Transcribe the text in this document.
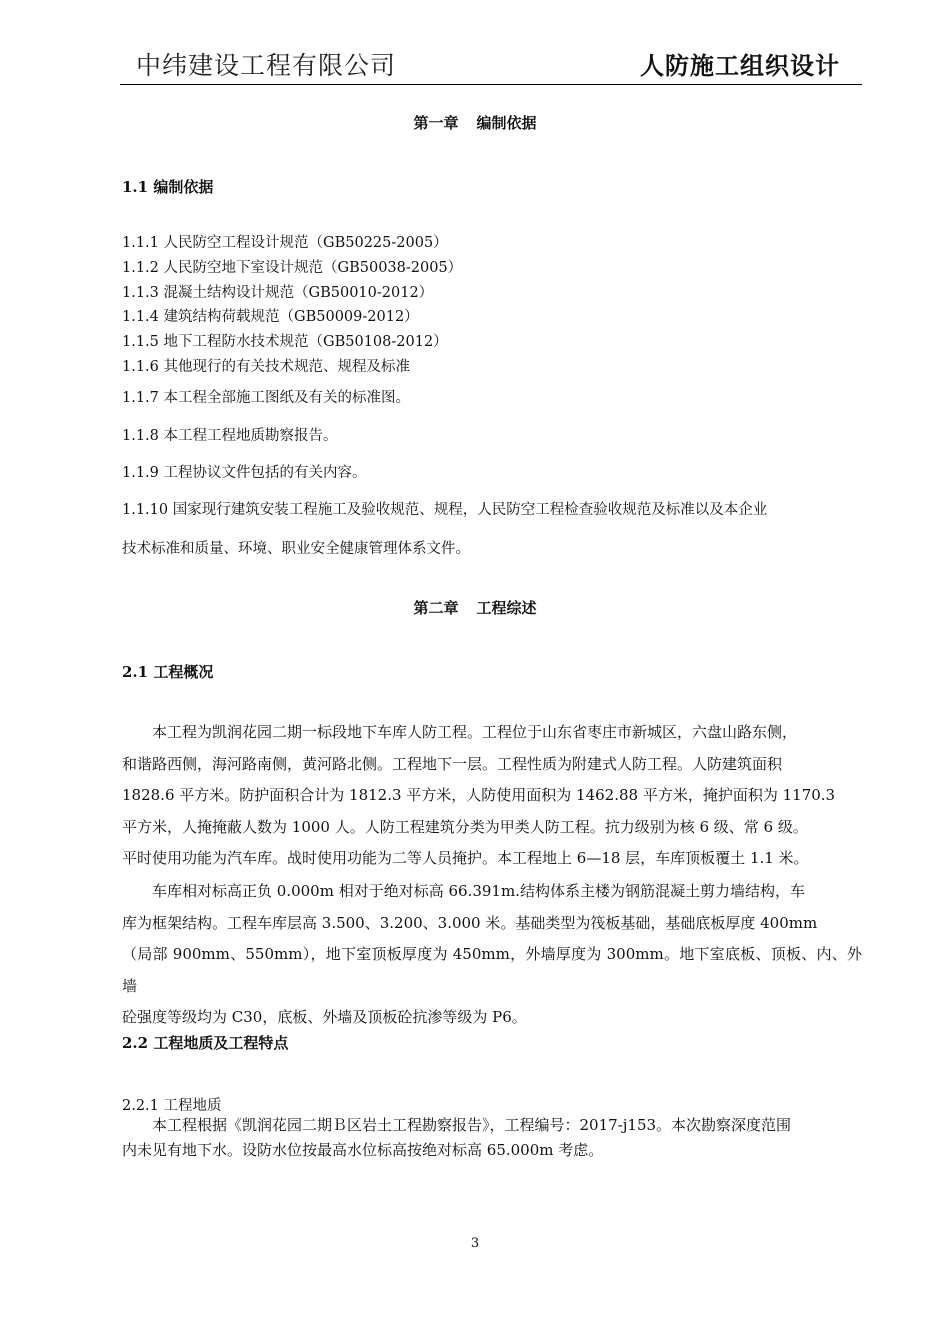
中纬建设工程有限公司	人防施工组织设计
第一章 编制依据
1.1 编制依据
1.1.1 人民防空工程设计规范（GB50225-2005）
1.1.2 人民防空地下室设计规范（GB50038-2005）
1.1.3 混凝土结构设计规范（GB50010-2012）
1.1.4 建筑结构荷载规范（GB50009-2012）
1.1.5 地下工程防水技术规范（GB50108-2012）
1.1.6 其他现行的有关技术规范、规程及标准
1.1.7 本工程全部施工图纸及有关的标准图。
1.1.8 本工程工程地质勘察报告。
1.1.9 工程协议文件包括的有关内容。
1.1.10 国家现行建筑安装工程施工及验收规范、规程，人民防空工程检查验收规范及标准以及本企业
技术标准和质量、环境、职业安全健康管理体系文件。
第二章 工程综述
2.1 工程概况

本工程为凯润花园二期一标段地下车库人防工程。工程位于山东省枣庄市新城区，六盘山路东侧，

和谐路西侧，海河路南侧，黄河路北侧。工程地下一层。工程性质为附建式人防工程。人防建筑面积

1828.6 平方米。防护面积合计为 1812.3 平方米，人防使用面积为 1462.88 平方米，掩护面积为 1170.3

平方米，人掩掩蔽人数为 1000 人。人防工程建筑分类为甲类人防工程。抗力级别为核 6 级、常 6 级。

平时使用功能为汽车库。战时使用功能为二等人员掩护。本工程地上 6—18 层，车库顶板覆土 1.1 米。

车库相对标高正负 0.000m 相对于绝对标高 66.391m.结构体系主楼为钢筋混凝土剪力墙结构，车

库为框架结构。工程车库层高 3.500、3.200、3.000 米。基础类型为筏板基础，基础底板厚度 400mm

（局部 900mm、550mm），地下室顶板厚度为 450mm，外墙厚度为 300mm。地下室底板、顶板、内、外墙

砼强度等级均为 C30，底板、外墙及顶板砼抗渗等级为 P6。

2.2 工程地质及工程特点
2.2.1 工程地质

本工程根据《凯润花园二期Ｂ区岩土工程勘察报告》，工程编号：2017-j153。本次勘察深度范围

内未见有地下水。设防水位按最高水位标高按绝对标高 65.000m 考虑。

3
